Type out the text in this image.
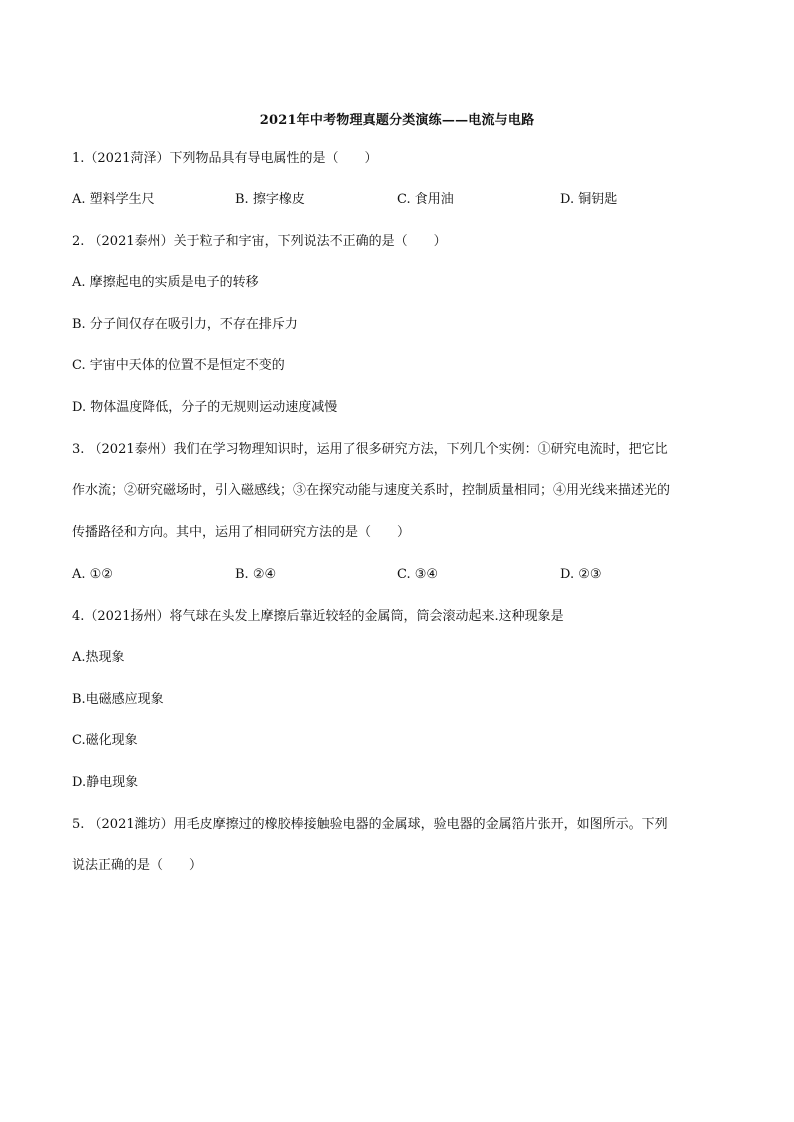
2021年中考物理真题分类演练——电流与电路
1.（2021菏泽）下列物品具有导电属性的是（　　）
A. 塑料学生尺	B. 擦字橡皮	C. 食用油	D. 铜钥匙
2. （2021泰州）关于粒子和宇宙，下列说法不正确的是（　　）
A. 摩擦起电的实质是电子的转移
B. 分子间仅存在吸引力，不存在排斥力
C. 宇宙中天体的位置不是恒定不变的
D. 物体温度降低，分子的无规则运动速度减慢
3. （2021泰州）我们在学习物理知识时，运用了很多研究方法，下列几个实例：①研究电流时，把它比
作水流；②研究磁场时，引入磁感线；③在探究动能与速度关系时，控制质量相同；④用光线来描述光的
传播路径和方向。其中，运用了相同研究方法的是（　　）
A. ①②	B. ②④	C. ③④	D. ②③
4.（2021扬州）将气球在头发上摩擦后靠近较轻的金属筒，筒会滚动起来.这种现象是
A.热现象
B.电磁感应现象
C.磁化现象
D.静电现象
5. （2021潍坊）用毛皮摩擦过的橡胶棒接触验电器的金属球，验电器的金属箔片张开，如图所示。下列
说法正确的是（　　）
